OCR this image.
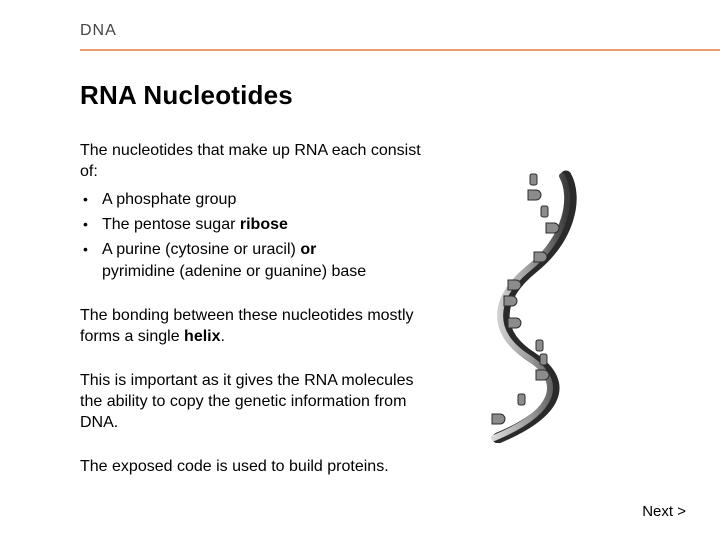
DNA
RNA Nucleotides
The nucleotides that make up RNA each consist of:
• A phosphate group
• The pentose sugar ribose
• A purine (cytosine or uracil) or
pyrimidine (adenine or guanine) base
The bonding between these nucleotides mostly forms a single helix.
This is important as it gives the RNA molecules the ability to copy the genetic information from DNA.
The exposed code is used to build proteins.
Next >
